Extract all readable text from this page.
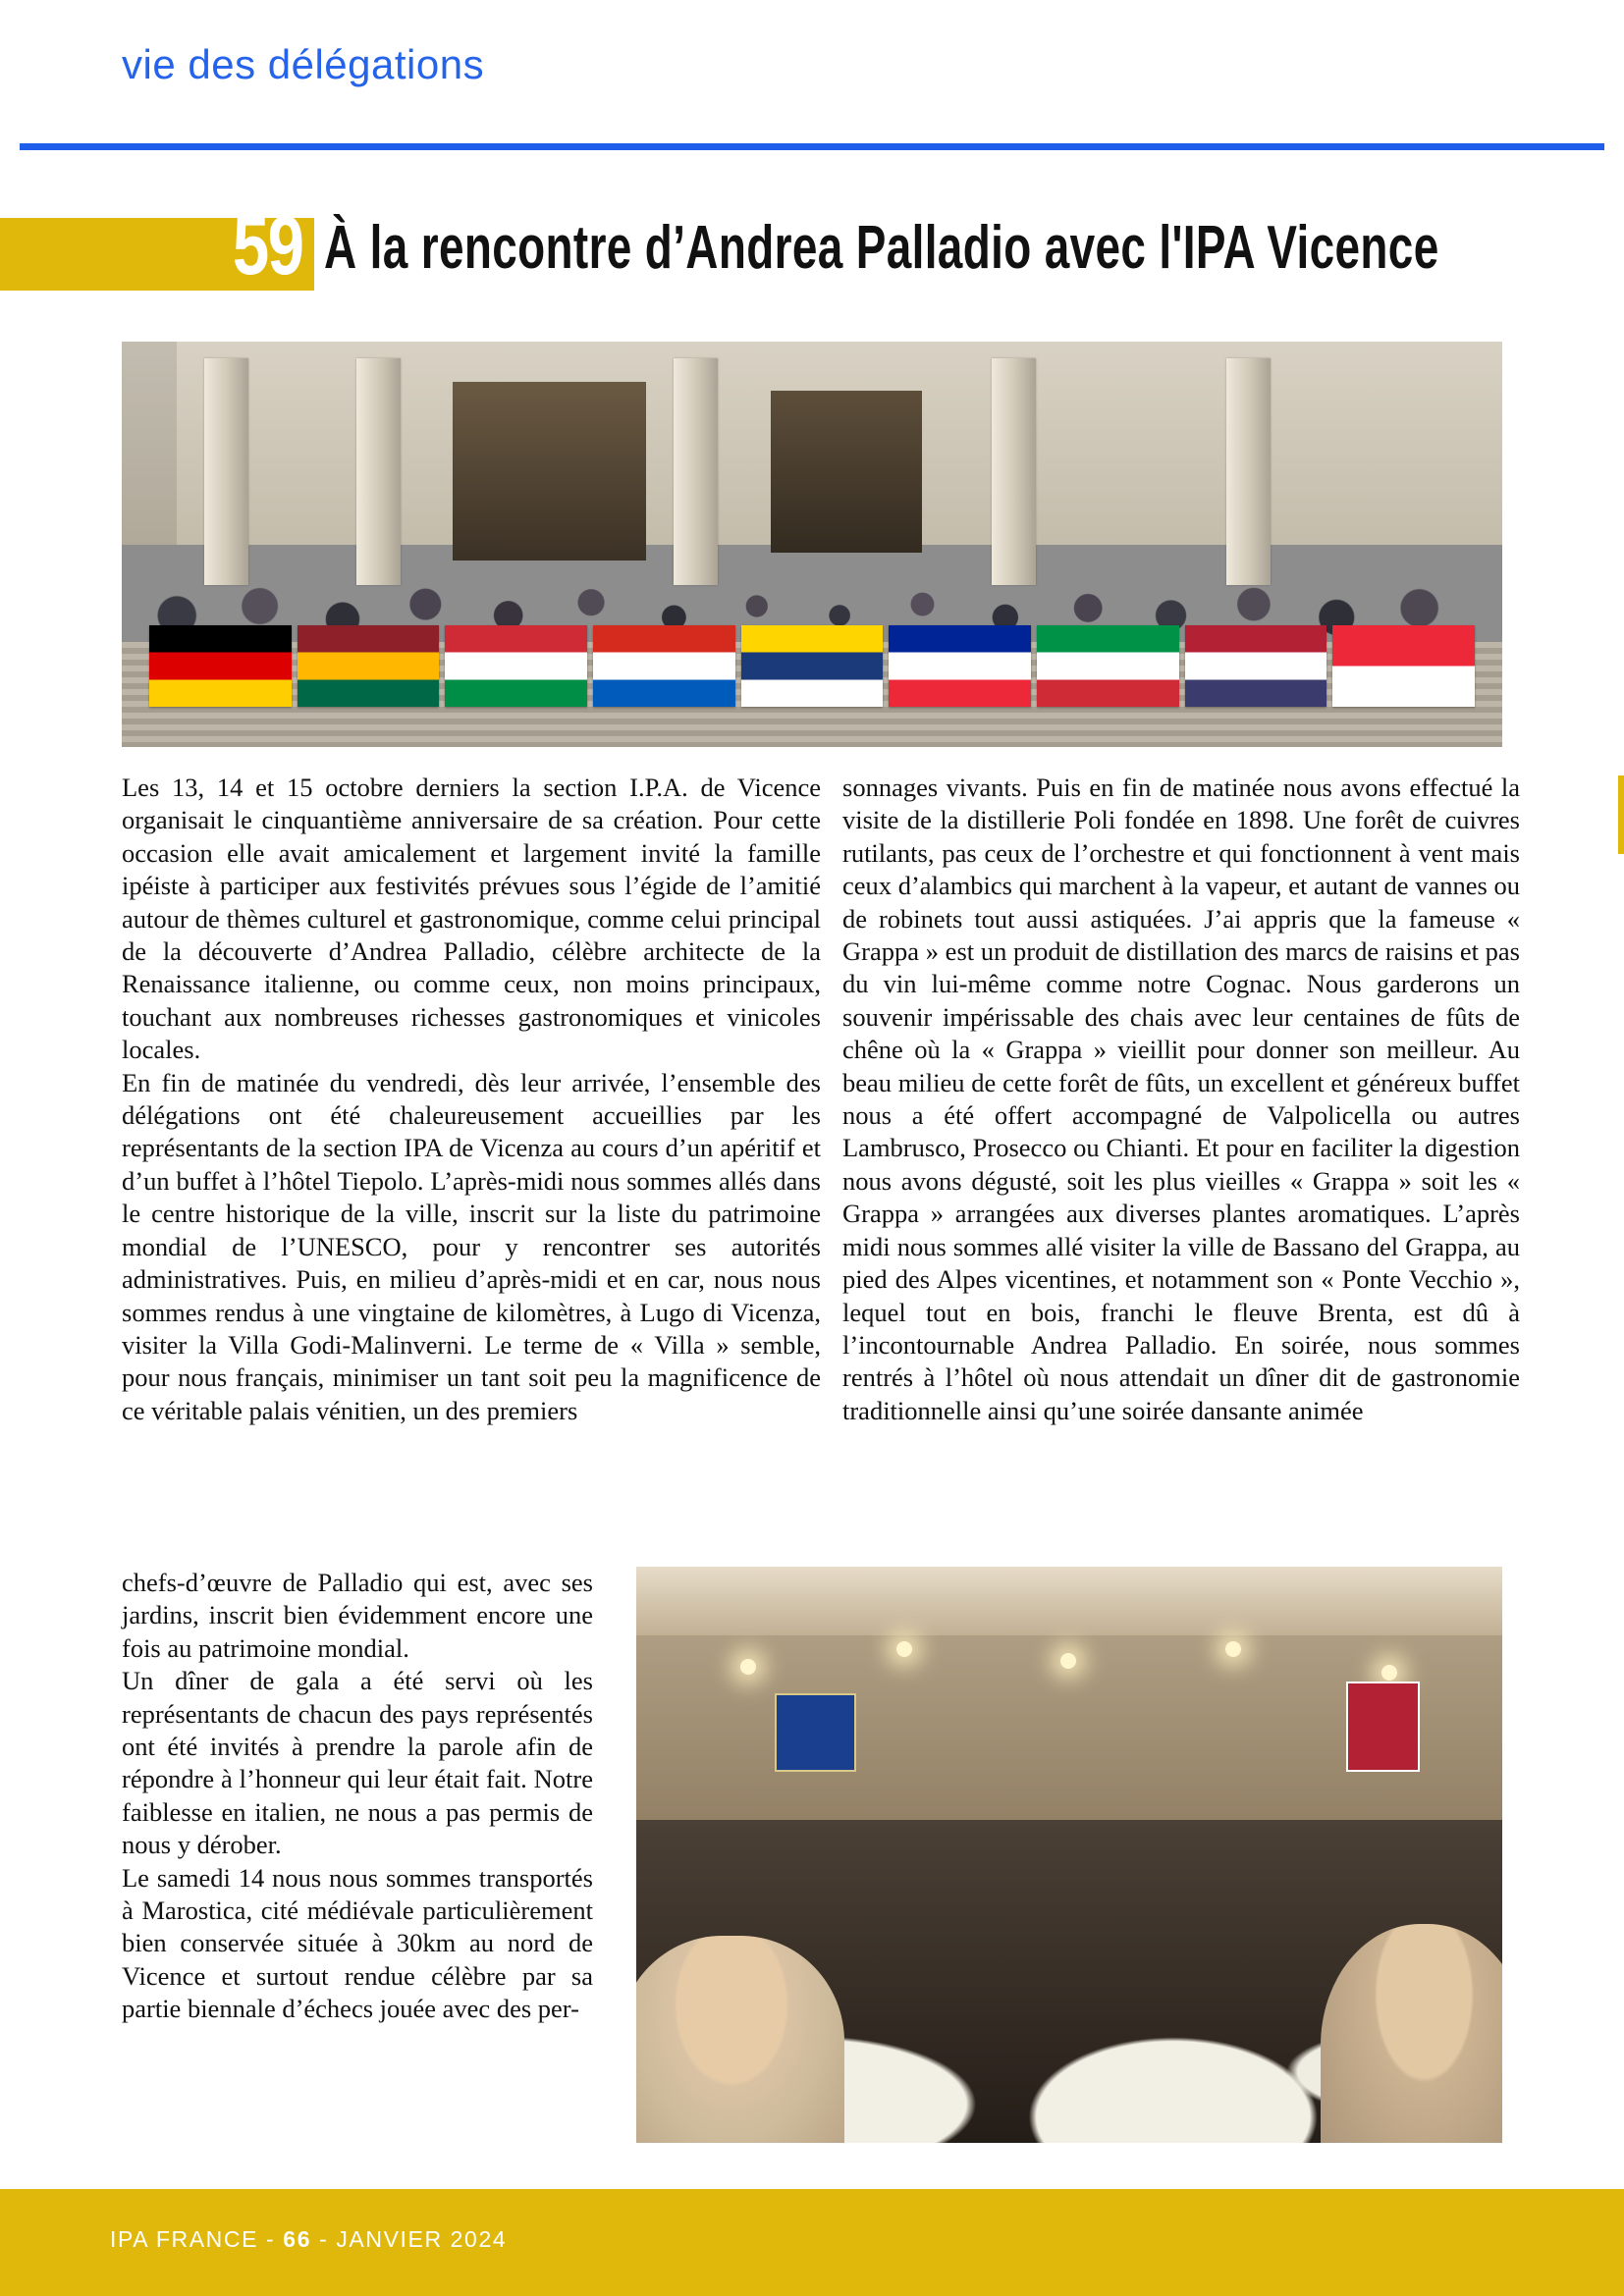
vie des délégations
59 À la rencontre d’Andrea Palladio avec l'IPA Vicence

Les 13, 14 et 15 octobre derniers la section I.P.A. de Vicence organisait le cinquantième anniversaire de sa création. Pour cette occasion elle avait amicalement et largement invité la famille ipéiste à participer aux festivités prévues sous l’égide de l’amitié autour de thèmes culturel et gastronomique, comme celui principal de la découverte d’Andrea Palladio, célèbre architecte de la Renaissance italienne, ou comme ceux, non moins principaux, touchant aux nombreuses richesses gastronomiques et vinicoles locales.

En fin de matinée du vendredi, dès leur arrivée, l’ensemble des délégations ont été chaleureusement accueillies par les représentants de la section IPA de Vicenza au cours d’un apéritif et d’un buffet à l’hôtel Tiepolo. L’après-midi nous sommes allés dans le centre historique de la ville, inscrit sur la liste du patrimoine mondial de l’UNESCO, pour y rencontrer ses autorités administratives. Puis, en milieu d’après-midi et en car, nous nous sommes rendus à une vingtaine de kilomètres, à Lugo di Vicenza, visiter la Villa Godi-Malinverni. Le terme de « Villa » semble, pour nous français, minimiser un tant soit peu la magnificence de ce véritable palais vénitien, un des premiers

sonnages vivants. Puis en fin de matinée nous avons effectué la visite de la distillerie Poli fondée en 1898. Une forêt de cuivres rutilants, pas ceux de l’orchestre et qui fonctionnent à vent mais ceux d’alambics qui marchent à la vapeur, et autant de vannes ou de robinets tout aussi astiquées. J’ai appris que la fameuse « Grappa » est un produit de distillation des marcs de raisins et pas du vin lui-même comme notre Cognac. Nous garderons un souvenir impérissable des chais avec leur centaines de fûts de chêne où la « Grappa » vieillit pour donner son meilleur. Au beau milieu de cette forêt de fûts, un excellent et généreux buffet nous a été offert accompagné de Valpolicella ou autres Lambrusco, Prosecco ou Chianti. Et pour en faciliter la digestion nous avons dégusté, soit les plus vieilles « Grappa » soit les « Grappa » arrangées aux diverses plantes aromatiques. L’après midi nous sommes allé visiter la ville de Bassano del Grappa, au pied des Alpes vicentines, et notamment son « Ponte Vecchio », lequel tout en bois, franchi le fleuve Brenta, est dû à l’incontournable Andrea Palladio. En soirée, nous sommes rentrés à l’hôtel où nous attendait un dîner dit de gastronomie traditionnelle ainsi qu’une soirée dansante animée

chefs-d’œuvre de Palladio qui est, avec ses jardins, inscrit bien évidemment encore une fois au patrimoine mondial.

Un dîner de gala a été servi où les représentants de chacun des pays représentés ont été invités à prendre la parole afin de répondre à l’honneur qui leur était fait. Notre faiblesse en italien, ne nous a pas permis de nous y dérober.

Le samedi 14 nous nous sommes transportés à Marostica, cité médiévale particulièrement bien conservée située à 30km au nord de Vicence et surtout rendue célèbre par sa partie biennale d’échecs jouée avec des per-

IPA FRANCE - 66 - JANVIER 2024
